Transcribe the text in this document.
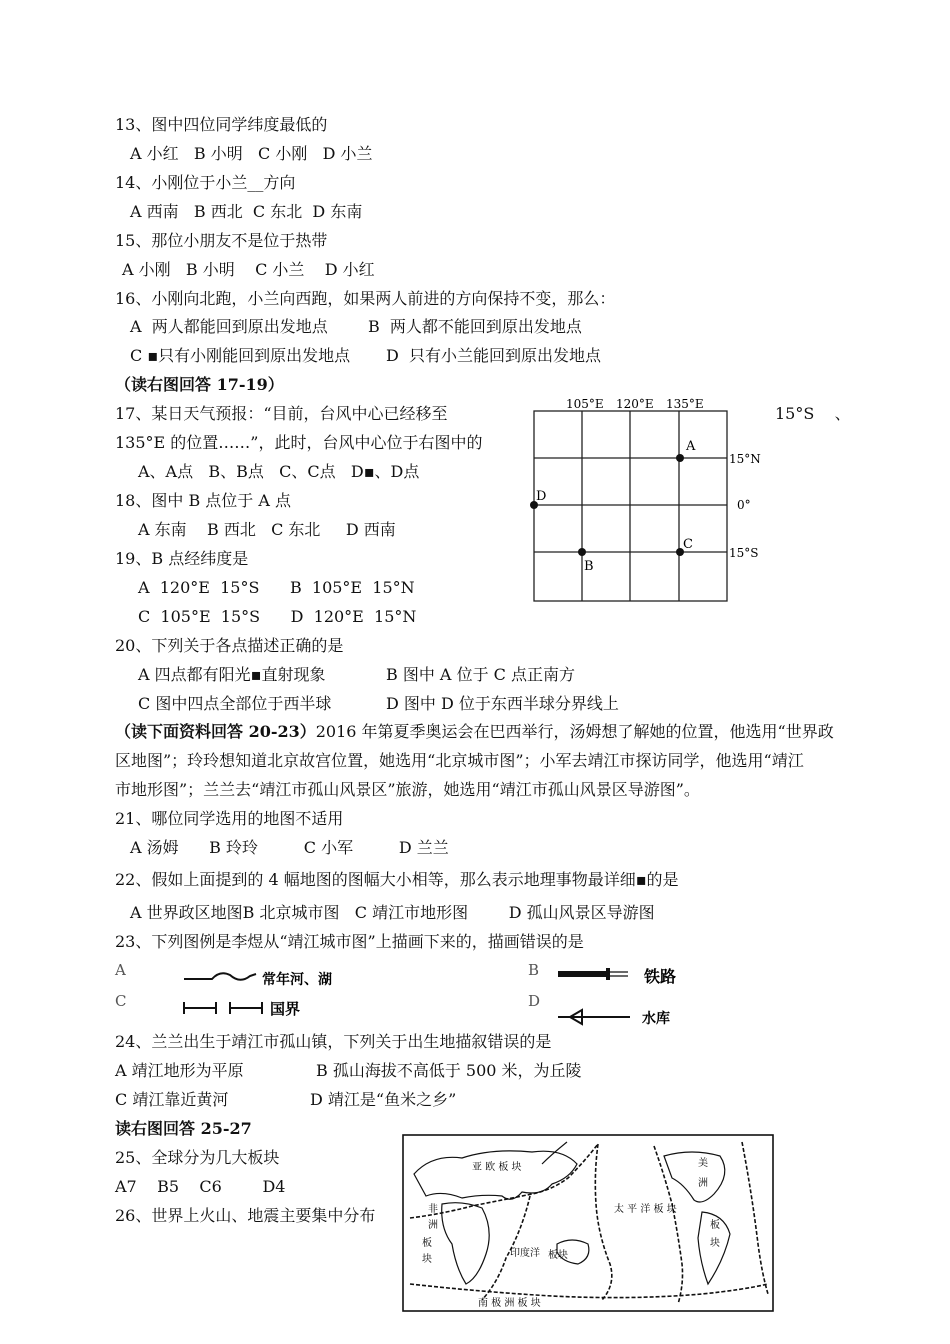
13、图中四位同学纬度最低的
A 小红   B 小明   C 小刚   D 小兰
14、小刚位于小兰__方向
A 西南   B 西北  C 东北  D 东南
15、那位小朋友不是位于热带
A 小刚   B 小明    C 小兰    D 小红
16、小刚向北跑，小兰向西跑，如果两人前进的方向保持不变，那么：
A  两人都能回到原出发地点	B  两人都不能回到原出发地点
C ▪只有小刚能回到原出发地点 D  只有小兰能回到原出发地点
（读右图回答 17-19）
17、某日天气预报：“目前，台风中心已经移至	15°S    、
135°E 的位置……”，此时，台风中心位于右图中的
A、A点   B、B点   C、C点   D▪、D点
18、图中 B 点位于 A 点
A 东南    B 西北   C 东北     D 西南
19、B 点经纬度是
A  120°E  15°S      B  105°E  15°N
C  105°E  15°S      D  120°E  15°N
105°E 120°E 135°E
15°N
0°
15°S
A
B
C
D
20、下列关于各点描述正确的是
A 四点都有阳光▪直射现象	B 图中 A 位于 C 点正南方
C 图中四点全部位于西半球	D 图中 D 位于东西半球分界线上
（读下面资料回答 20-23）2016 年第夏季奥运会在巴西举行，汤姆想了解她的位置，他选用“世界政
区地图”；玲玲想知道北京故宫位置，她选用“北京城市图”；小军去靖江市探访同学，他选用“靖江
市地形图”；兰兰去“靖江市孤山风景区”旅游，她选用“靖江市孤山风景区导游图”。
21、哪位同学选用的地图不适用
A 汤姆      B 玲玲         C 小军         D 兰兰
22、假如上面提到的 4 幅地图的图幅大小相等，那么表示地理事物最详细▪的是
A 世界政区地图B 北京城市图   C 靖江市地形图        D 孤山风景区导游图
23、下列图例是李煜从“靖江城市图”上描画下来的，描画错误的是
A
C
B
D
常年河、湖
国界
铁路
水库
24、兰兰出生于靖江市孤山镇，下列关于出生地描叙错误的是
A 靖江地形为平原	B 孤山海拔不高低于 500 米，为丘陵
C 靖江靠近黄河	D 靖江是“鱼米之乡”
读右图回答 25-27
25、全球分为几大板块
A7    B5    C6        D4
26、世界上火山、地震主要集中分布
亚 欧 板 块
非
洲
板
块
太 平 洋 板 块
印度洋 板块
美
洲
板
块
南 极 洲 板 块
